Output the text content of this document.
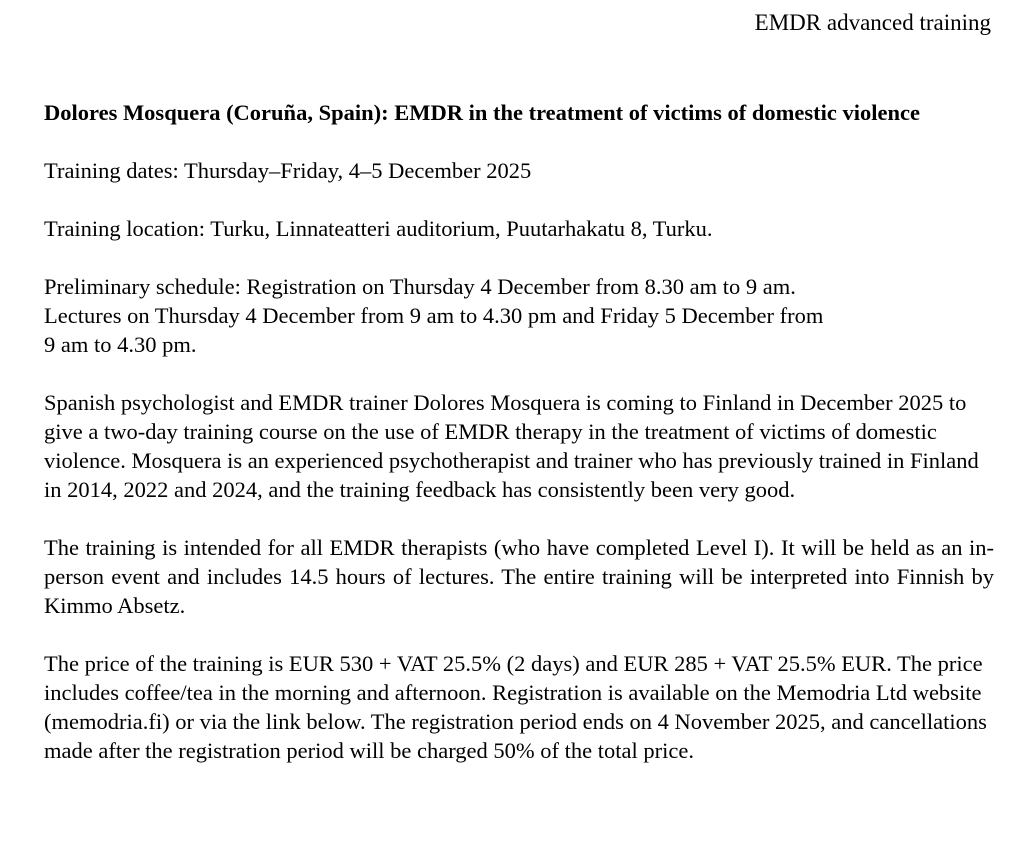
EMDR advanced training

Dolores Mosquera (Coruña, Spain): EMDR in the treatment of victims of domestic violence

Training dates: Thursday–Friday, 4–5 December 2025

Training location: Turku, Linnateatteri auditorium, Puutarhakatu 8, Turku.

Preliminary schedule: Registration on Thursday 4 December from 8.30 am to 9 am.
Lectures on Thursday 4 December from 9 am to 4.30 pm and Friday 5 December from
9 am to 4.30 pm.

Spanish psychologist and EMDR trainer Dolores Mosquera is coming to Finland in December 2025 to give a two-day training course on the use of EMDR therapy in the treatment of victims of domestic violence. Mosquera is an experienced psychotherapist and trainer who has previously trained in Finland in 2014, 2022 and 2024, and the training feedback has consistently been very good.

The training is intended for all EMDR therapists (who have completed Level I). It will be held as an in-person event and includes 14.5 hours of lectures. The entire training will be interpreted into Finnish by Kimmo Absetz.

The price of the training is EUR 530 + VAT 25.5% (2 days) and EUR 285 + VAT 25.5% EUR. The price includes coffee/tea in the morning and afternoon. Registration is available on the Memodria Ltd website (memodria.fi) or via the link below. The registration period ends on 4 November 2025, and cancellations made after the registration period will be charged 50% of the total price.
